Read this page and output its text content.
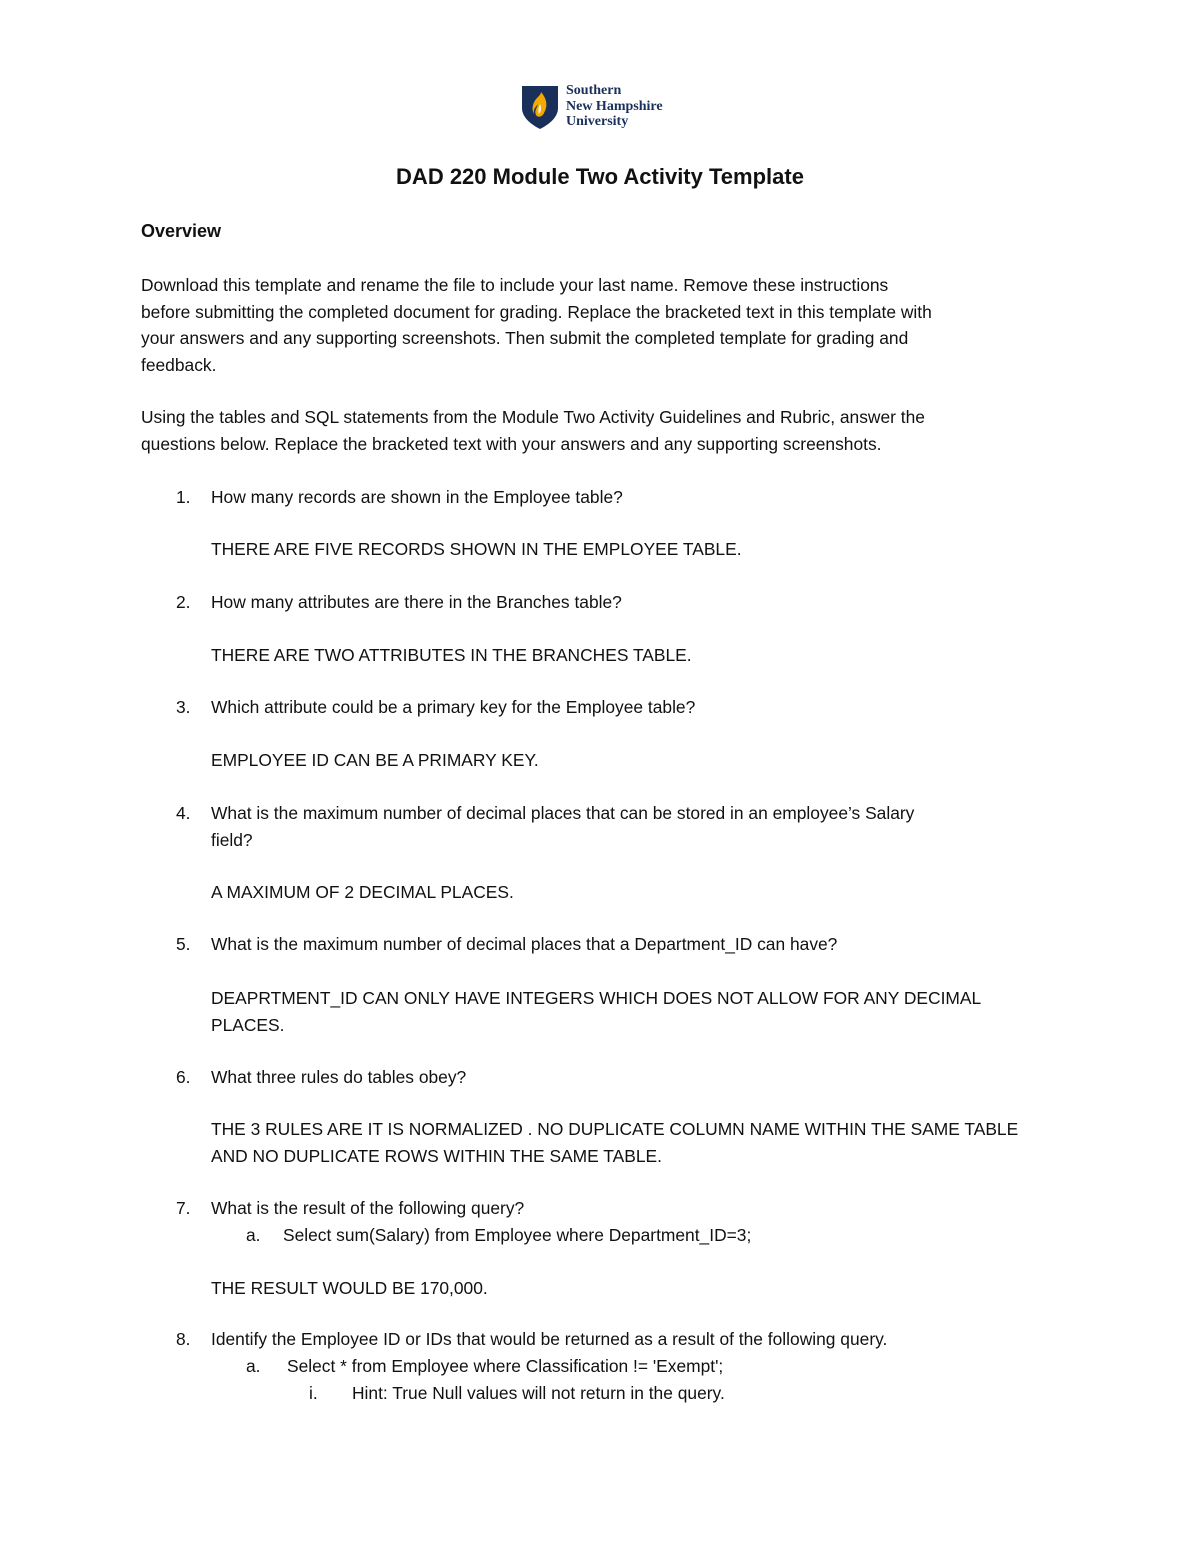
Southern
New Hampshire
University
DAD 220 Module Two Activity Template
Overview
Download this template and rename the file to include your last name. Remove these instructions
before submitting the completed document for grading. Replace the bracketed text in this template with
your answers and any supporting screenshots. Then submit the completed template for grading and
feedback.
Using the tables and SQL statements from the Module Two Activity Guidelines and Rubric, answer the
questions below. Replace the bracketed text with your answers and any supporting screenshots.
1. How many records are shown in the Employee table?
THERE ARE FIVE RECORDS SHOWN IN THE EMPLOYEE TABLE.
2. How many attributes are there in the Branches table?
THERE ARE TWO ATTRIBUTES IN THE BRANCHES TABLE.
3. Which attribute could be a primary key for the Employee table?
EMPLOYEE ID CAN BE A PRIMARY KEY.
4. What is the maximum number of decimal places that can be stored in an employee’s Salary
field?
A MAXIMUM OF 2 DECIMAL PLACES.
5. What is the maximum number of decimal places that a Department_ID can have?
DEAPRTMENT_ID CAN ONLY HAVE INTEGERS WHICH DOES NOT ALLOW FOR ANY DECIMAL
PLACES.
6. What three rules do tables obey?
THE 3 RULES ARE IT IS NORMALIZED . NO DUPLICATE COLUMN NAME WITHIN THE SAME TABLE
AND NO DUPLICATE ROWS WITHIN THE SAME TABLE.
7. What is the result of the following query?
a. Select sum(Salary) from Employee where Department_ID=3;
THE RESULT WOULD BE 170,000.
8. Identify the Employee ID or IDs that would be returned as a result of the following query.
a. Select * from Employee where Classification != 'Exempt';
i. Hint: True Null values will not return in the query.
